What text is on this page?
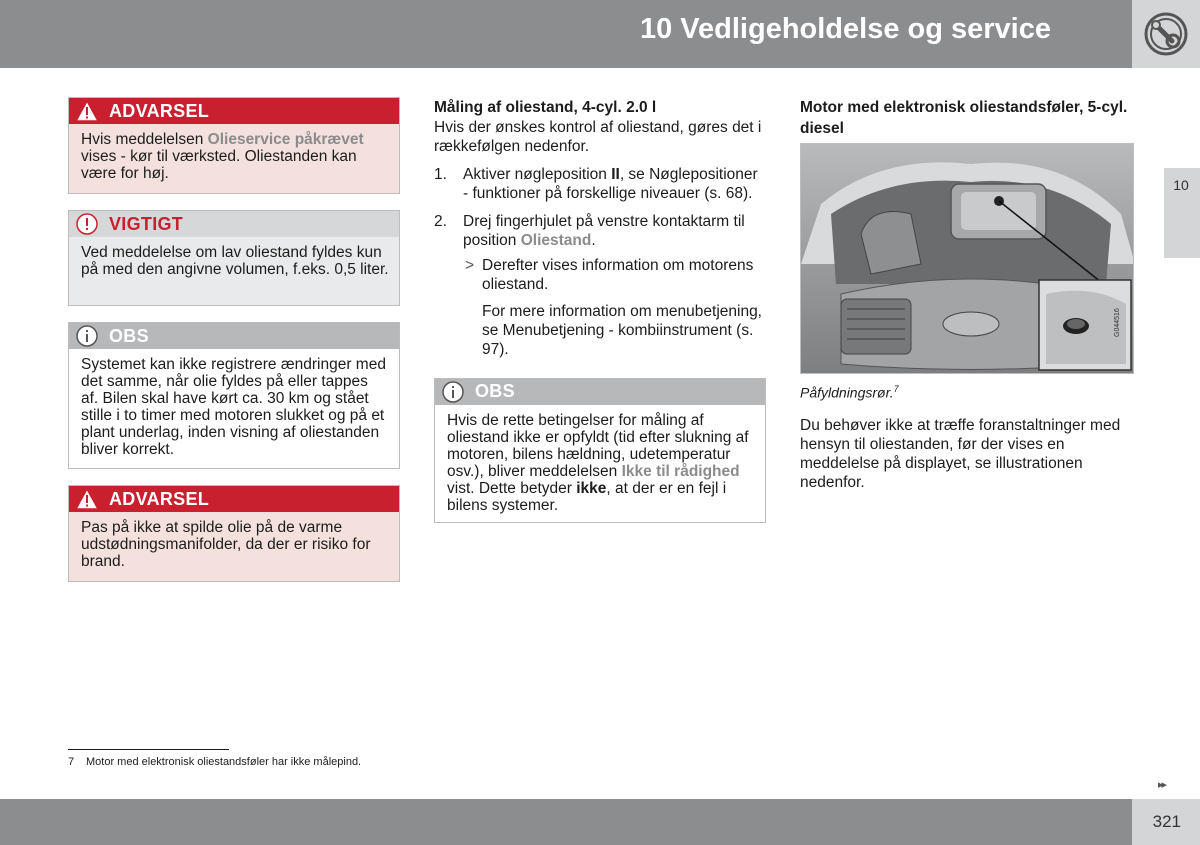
10 Vedligeholdelse og service
10
ADVARSEL
Hvis meddelelsen Olieservice påkrævet vises - kør til værksted. Oliestanden kan være for høj.
VIGTIGT
Ved meddelelse om lav oliestand fyldes kun på med den angivne volumen, f.eks. 0,5 liter.
OBS
Systemet kan ikke registrere ændringer med det samme, når olie fyldes på eller tappes af. Bilen skal have kørt ca. 30 km og stået stille i to timer med motoren slukket og på et plant underlag, inden visning af oliestanden bliver korrekt.
ADVARSEL
Pas på ikke at spilde olie på de varme udstødningsmanifolder, da der er risiko for brand.
Måling af oliestand, 4-cyl. 2.0 l
Hvis der ønskes kontrol af oliestand, gøres det i rækkefølgen nedenfor.
1. Aktiver nøgleposition II, se Nøglepositioner - funktioner på forskellige niveauer (s. 68).
2. Drej fingerhjulet på venstre kontaktarm til position Oliestand.
> Derefter vises information om motorens oliestand.
For mere information om menubetjening, se Menubetjening - kombiinstrument (s. 97).
OBS
Hvis de rette betingelser for måling af oliestand ikke er opfyldt (tid efter slukning af motoren, bilens hældning, udetemperatur osv.), bliver meddelelsen Ikke til rådighed vist. Dette betyder ikke, at der er en fejl i bilens systemer.
Motor med elektronisk oliestandsføler, 5-cyl. diesel
G044516
Påfyldningsrør.$^7$
Du behøver ikke at træffe foranstaltninger med hensyn til oliestanden, før der vises en meddelelse på displayet, se illustrationen nedenfor.
7 Motor med elektronisk oliestandsføler har ikke målepind.
▸▸
321
